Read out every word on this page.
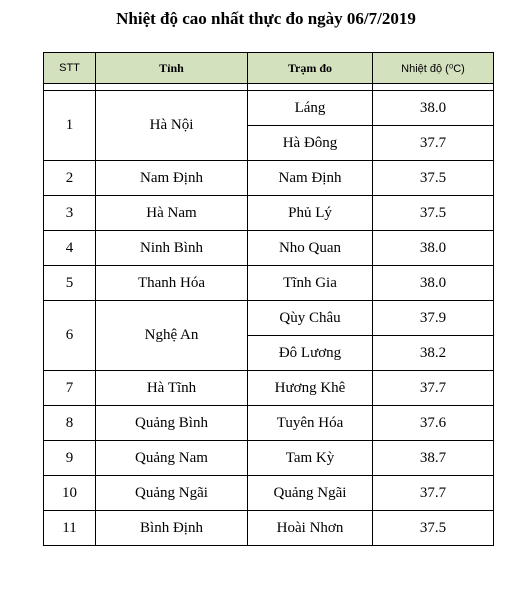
Nhiệt độ cao nhất thực đo ngày 06/7/2019
STT	Tỉnh	Trạm đo	Nhiệt độ (⁰C)

1	Hà Nội	Láng	38.0
		Hà Đông	37.7
2	Nam Định	Nam Định	37.5
3	Hà Nam	Phủ Lý	37.5
4	Ninh Bình	Nho Quan	38.0
5	Thanh Hóa	Tĩnh Gia	38.0
6	Nghệ An	Qùy Châu	37.9
		Đô Lương	38.2
7	Hà Tĩnh	Hương Khê	37.7
8	Quảng Bình	Tuyên Hóa	37.6
9	Quảng Nam	Tam Kỳ	38.7
10	Quảng Ngãi	Quảng Ngãi	37.7
11	Bình Định	Hoài Nhơn	37.5
